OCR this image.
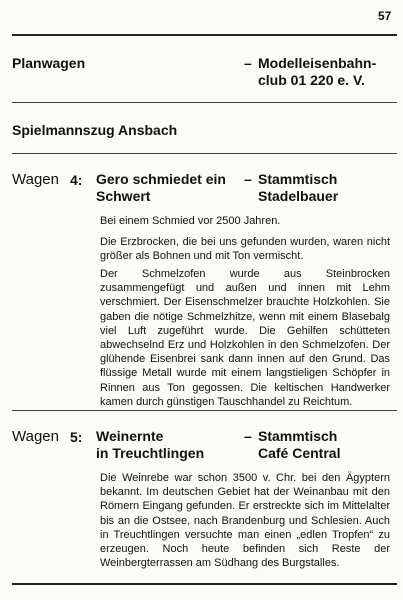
57
Planwagen	– Modelleisenbahn-
club 01 220 e. V.
Spielmannszug Ansbach
Wagen 4: Gero schmiedet ein
Schwert
– Stammtisch
Stadelbauer
Bei einem Schmied vor 2500 Jahren.
Die Erzbrocken, die bei uns gefunden wurden, waren nicht größer als Bohnen und mit Ton vermischt.
Der Schmelzofen wurde aus Steinbrocken zusammengefügt und außen und innen mit Lehm verschmiert. Der Eisenschmelzer brauchte Holzkohlen. Sie gaben die nötige Schmelzhitze, wenn mit einem Blasebalg viel Luft zugeführt wurde. Die Gehilfen schütteten abwechselnd Erz und Holzkohlen in den Schmelzofen. Der glühende Eisenbrei sank dann innen auf den Grund. Das flüssige Metall wurde mit einem langstieligen Schöpfer in Rinnen aus Ton gegossen. Die keltischen Handwerker kamen durch günstigen Tauschhandel zu Reichtum.
Wagen 5: Weinernte
in Treuchtlingen
– Stammtisch
Café Central
Die Weinrebe war schon 3500 v. Chr. bei den Ägyptern bekannt. Im deutschen Gebiet hat der Weinanbau mit den Römern Eingang gefunden. Er erstreckte sich im Mittelalter bis an die Ostsee, nach Brandenburg und Schlesien. Auch in Treuchtlingen versuchte man einen „edlen Tropfen“ zu erzeugen. Noch heute befinden sich Reste der Weinbergterrassen am Südhang des Burgstalles.
